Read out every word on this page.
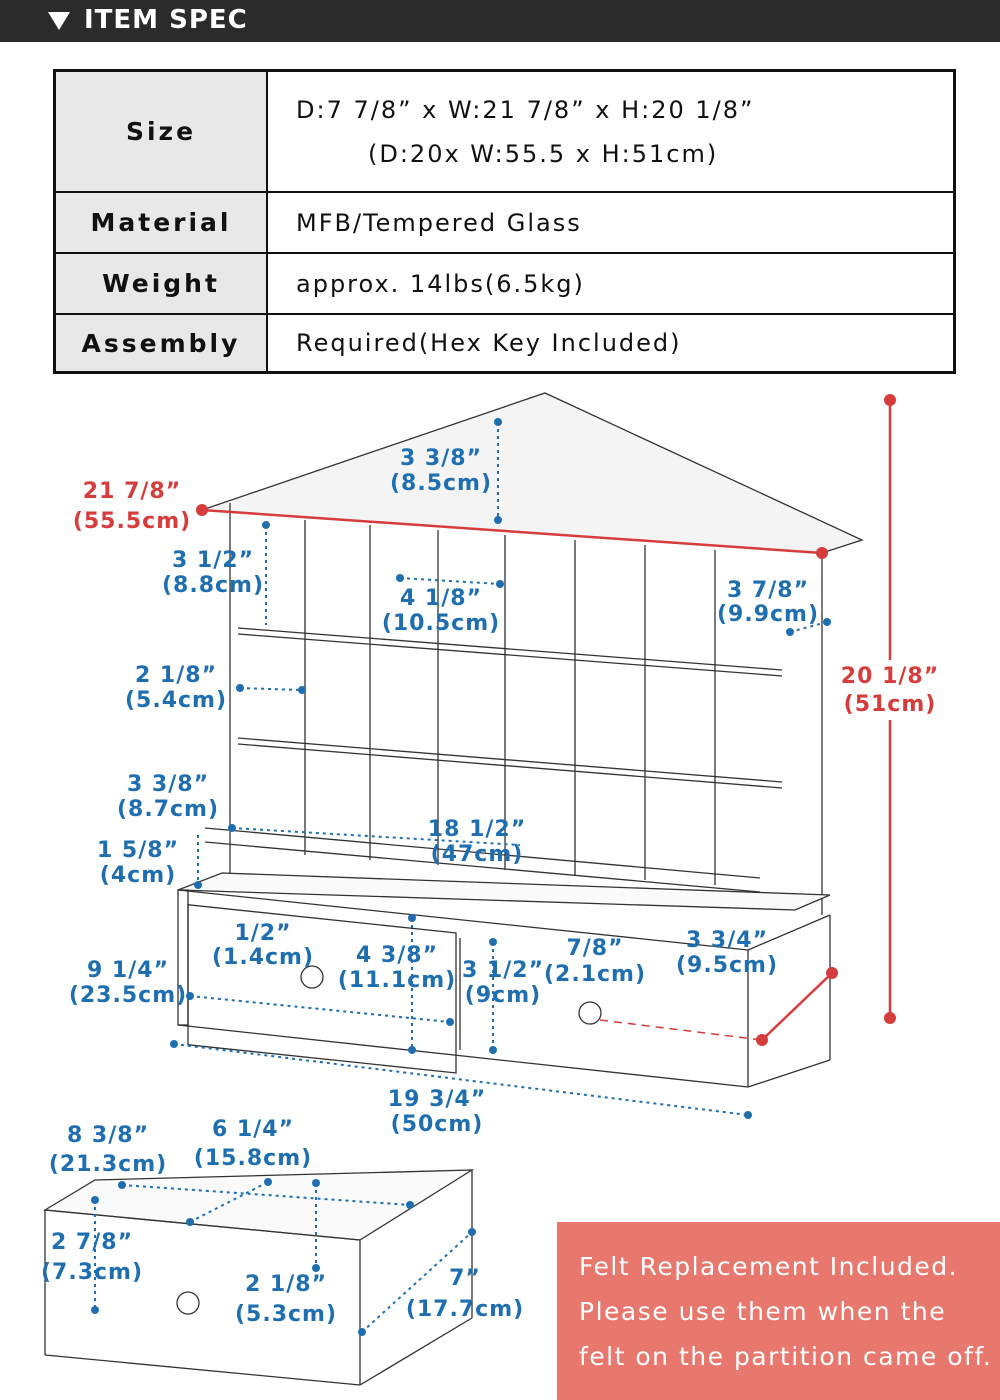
ITEM SPEC
Size
D:7 7/8” x W:21 7/8” x H:20 1/8”
(D:20x W:55.5 x H:51cm)
Material	MFB/Tempered Glass
Weight	approx. 14lbs(6.5kg)
Assembly	Required(Hex Key Included)
21 7/8”
(55.5cm)
20 1/8”
(51cm)
3 3/8”
(8.5cm)
3 1/2”
(8.8cm)
4 1/8”
(10.5cm)
3 7/8”
(9.9cm)
2 1/8”
(5.4cm)
3 3/8”
(8.7cm)
1 5/8”
(4cm)
18 1/2”
(47cm)
1/2”
(1.4cm) 4 3/8”
(11.1cm)
9 1/4”
(23.5cm)
3 1/2”
(9cm)
7/8”
(2.1cm)
3 3/4”
(9.5cm)
19 3/4”
(50cm)
8 3/8”
(21.3cm)
6 1/4”
(15.8cm)
2 7/8”
(7.3cm)	2 1/8”
(5.3cm)
7”
(17.7cm)
Felt Replacement Included.
Please use them when the
felt on the partition came off.
